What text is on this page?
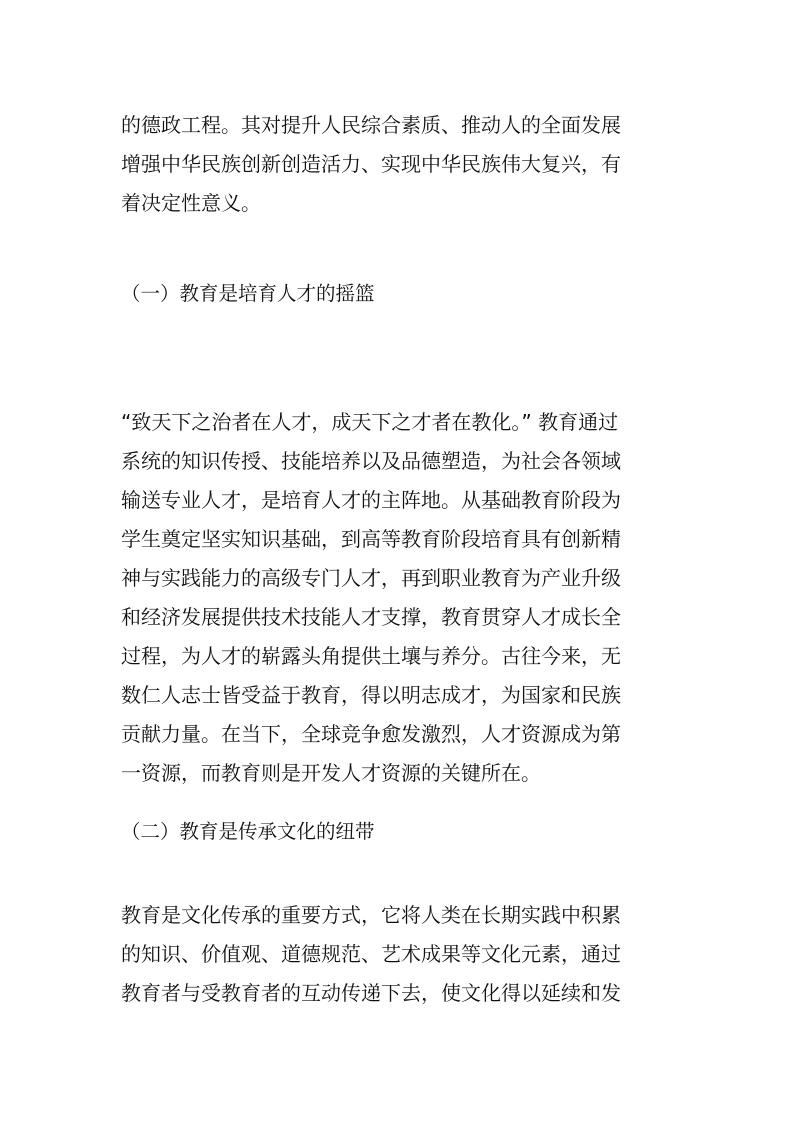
的德政工程。其对提升人民综合素质、推动人的全面发展
增强中华民族创新创造活力、实现中华民族伟大复兴，有
着决定性意义。
（一）教育是培育人才的摇篮
“致天下之治者在人才，成天下之才者在教化。” 教育通过
系统的知识传授、技能培养以及品德塑造，为社会各领域
输送专业人才，是培育人才的主阵地。从基础教育阶段为
学生奠定坚实知识基础，到高等教育阶段培育具有创新精
神与实践能力的高级专门人才，再到职业教育为产业升级
和经济发展提供技术技能人才支撑，教育贯穿人才成长全
过程，为人才的崭露头角提供土壤与养分。古往今来，无
数仁人志士皆受益于教育，得以明志成才，为国家和民族
贡献力量。在当下，全球竞争愈发激烈，人才资源成为第
一资源，而教育则是开发人才资源的关键所在。
（二）教育是传承文化的纽带
教育是文化传承的重要方式，它将人类在长期实践中积累
的知识、价值观、道德规范、艺术成果等文化元素，通过
教育者与受教育者的互动传递下去，使文化得以延续和发
